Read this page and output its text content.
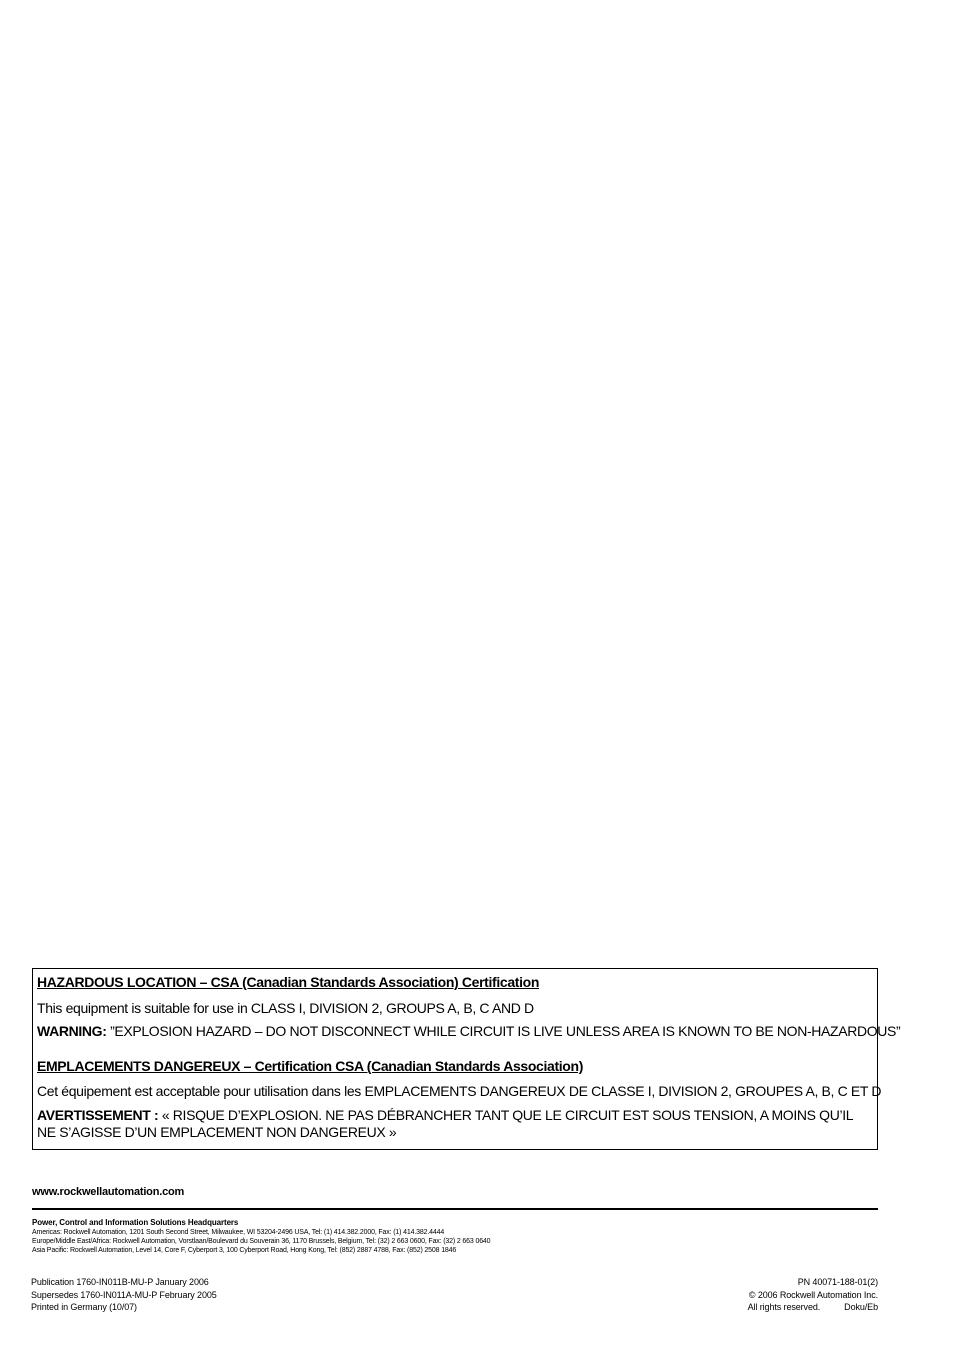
HAZARDOUS LOCATION – CSA (Canadian Standards Association) Certification
This equipment is suitable for use in CLASS I, DIVISION 2, GROUPS A, B, C AND D
WARNING: ”EXPLOSION HAZARD – DO NOT DISCONNECT WHILE CIRCUIT IS LIVE UNLESS AREA IS KNOWN TO BE NON-HAZARDOUS”
EMPLACEMENTS DANGEREUX – Certification CSA (Canadian Standards Association)
Cet équipement est acceptable pour utilisation dans les EMPLACEMENTS DANGEREUX DE CLASSE I, DIVISION 2, GROUPES A, B, C ET D
AVERTISSEMENT : « RISQUE D’EXPLOSION. NE PAS DÉBRANCHER TANT QUE LE CIRCUIT EST SOUS TENSION, A MOINS QU’IL NE S’AGISSE D’UN EMPLACEMENT NON DANGEREUX »
www.rockwellautomation.com
Power, Control and Information Solutions Headquarters
Americas: Rockwell Automation, 1201 South Second Street, Milwaukee, WI 53204-2496 USA, Tel: (1) 414.382.2000, Fax: (1) 414.382.4444
Europe/Middle East/Africa: Rockwell Automation, Vorstlaan/Boulevard du Souverain 36, 1170 Brussels, Belgium, Tel: (32) 2 663 0600, Fax: (32) 2 663 0640
Asia Pacific: Rockwell Automation, Level 14, Core F, Cyberport 3, 100 Cyberport Road, Hong Kong, Tel: (852) 2887 4788, Fax: (852) 2508 1846
Publication 1760-IN011B-MU-P January 2006
Supersedes 1760-IN011A-MU-P February 2005
Printed in Germany (10/07)
PN 40071-188-01(2)
© 2006 Rockwell Automation Inc.
All rights reserved.	Doku/Eb
